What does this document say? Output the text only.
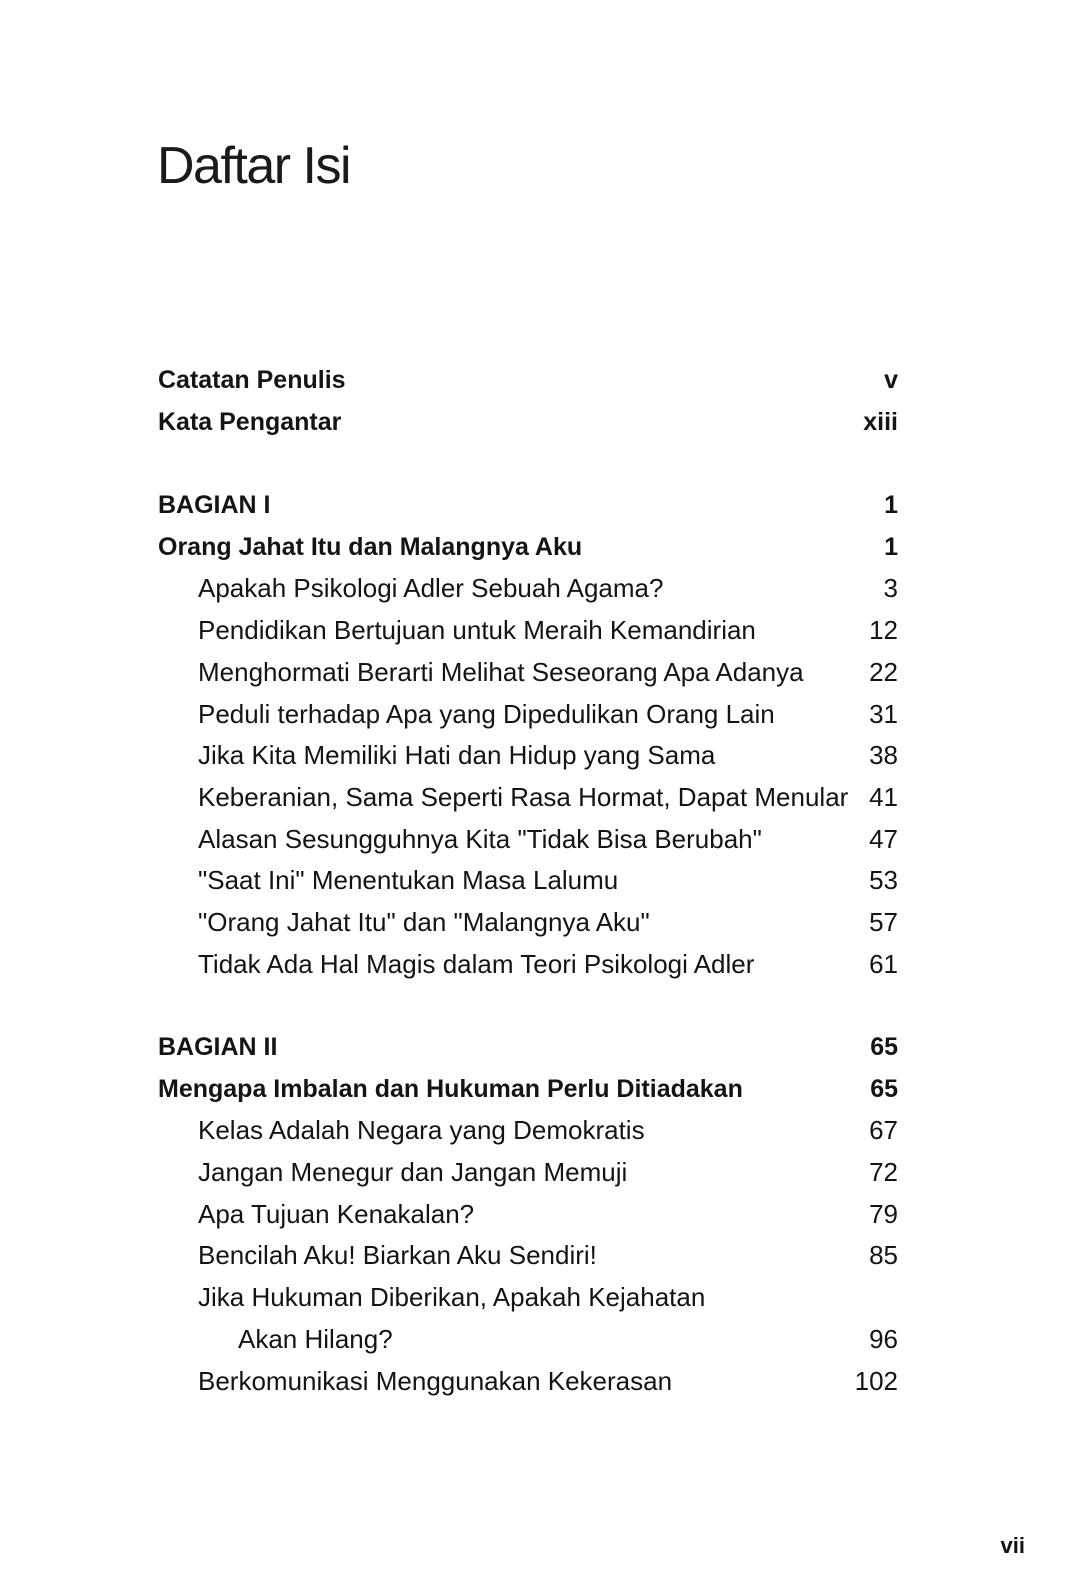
Daftar Isi
Catatan Penulis	v
Kata Pengantar	xiii
BAGIAN I	1
Orang Jahat Itu dan Malangnya Aku	1
Apakah Psikologi Adler Sebuah Agama?	3
Pendidikan Bertujuan untuk Meraih Kemandirian	12
Menghormati Berarti Melihat Seseorang Apa Adanya	22
Peduli terhadap Apa yang Dipedulikan Orang Lain	31
Jika Kita Memiliki Hati dan Hidup yang Sama	38
Keberanian, Sama Seperti Rasa Hormat, Dapat Menular 41
Alasan Sesungguhnya Kita "Tidak Bisa Berubah"	47
"Saat Ini" Menentukan Masa Lalumu	53
"Orang Jahat Itu" dan "Malangnya Aku"	57
Tidak Ada Hal Magis dalam Teori Psikologi Adler	61
BAGIAN II	65
Mengapa Imbalan dan Hukuman Perlu Ditiadakan	65
Kelas Adalah Negara yang Demokratis	67
Jangan Menegur dan Jangan Memuji	72
Apa Tujuan Kenakalan?	79
Bencilah Aku! Biarkan Aku Sendiri!	85
Jika Hukuman Diberikan, Apakah Kejahatan
Akan Hilang?	96
Berkomunikasi Menggunakan Kekerasan	102
vii
